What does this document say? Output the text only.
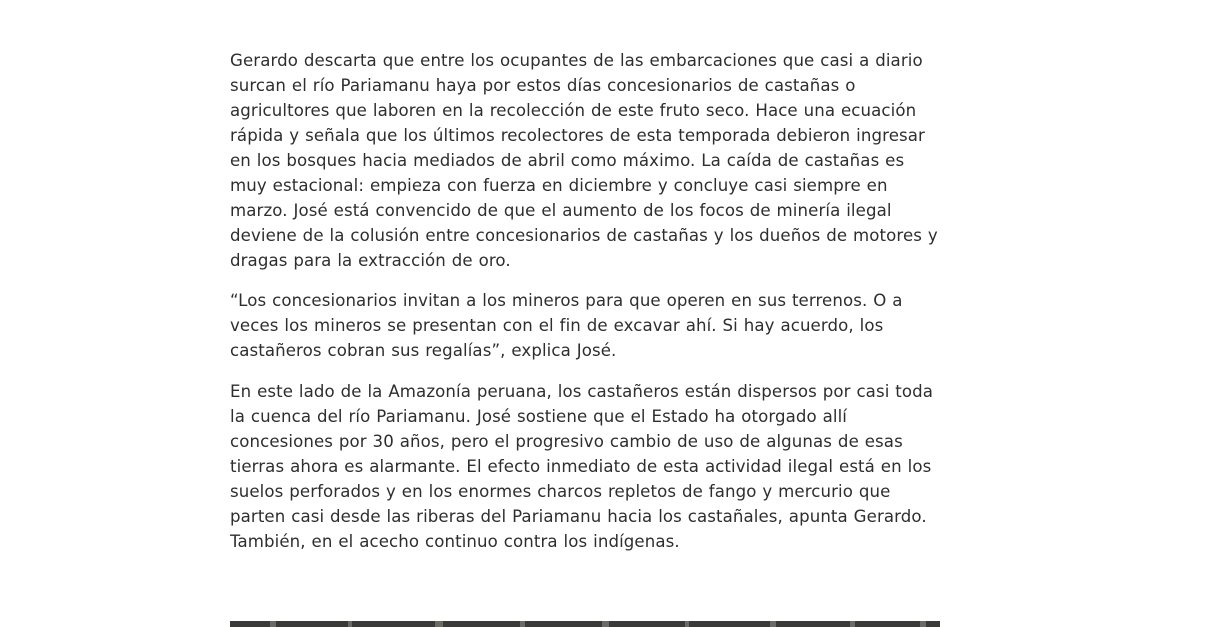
Gerardo descarta que entre los ocupantes de las embarcaciones que casi a diario surcan el río Pariamanu haya por estos días concesionarios de castañas o agricultores que laboren en la recolección de este fruto seco. Hace una ecuación rápida y señala que los últimos recolectores de esta temporada debieron ingresar en los bosques hacia mediados de abril como máximo. La caída de castañas es muy estacional: empieza con fuerza en diciembre y concluye casi siempre en marzo. José está convencido de que el aumento de los focos de minería ilegal deviene de la colusión entre concesionarios de castañas y los dueños de motores y dragas para la extracción de oro.

“Los concesionarios invitan a los mineros para que operen en sus terrenos. O a veces los mineros se presentan con el fin de excavar ahí. Si hay acuerdo, los castañeros cobran sus regalías”, explica José.

En este lado de la Amazonía peruana, los castañeros están dispersos por casi toda la cuenca del río Pariamanu. José sostiene que el Estado ha otorgado allí concesiones por 30 años, pero el progresivo cambio de uso de algunas de esas tierras ahora es alarmante. El efecto inmediato de esta actividad ilegal está en los suelos perforados y en los enormes charcos repletos de fango y mercurio que parten casi desde las riberas del Pariamanu hacia los castañales, apunta Gerardo. También, en el acecho continuo contra los indígenas.
